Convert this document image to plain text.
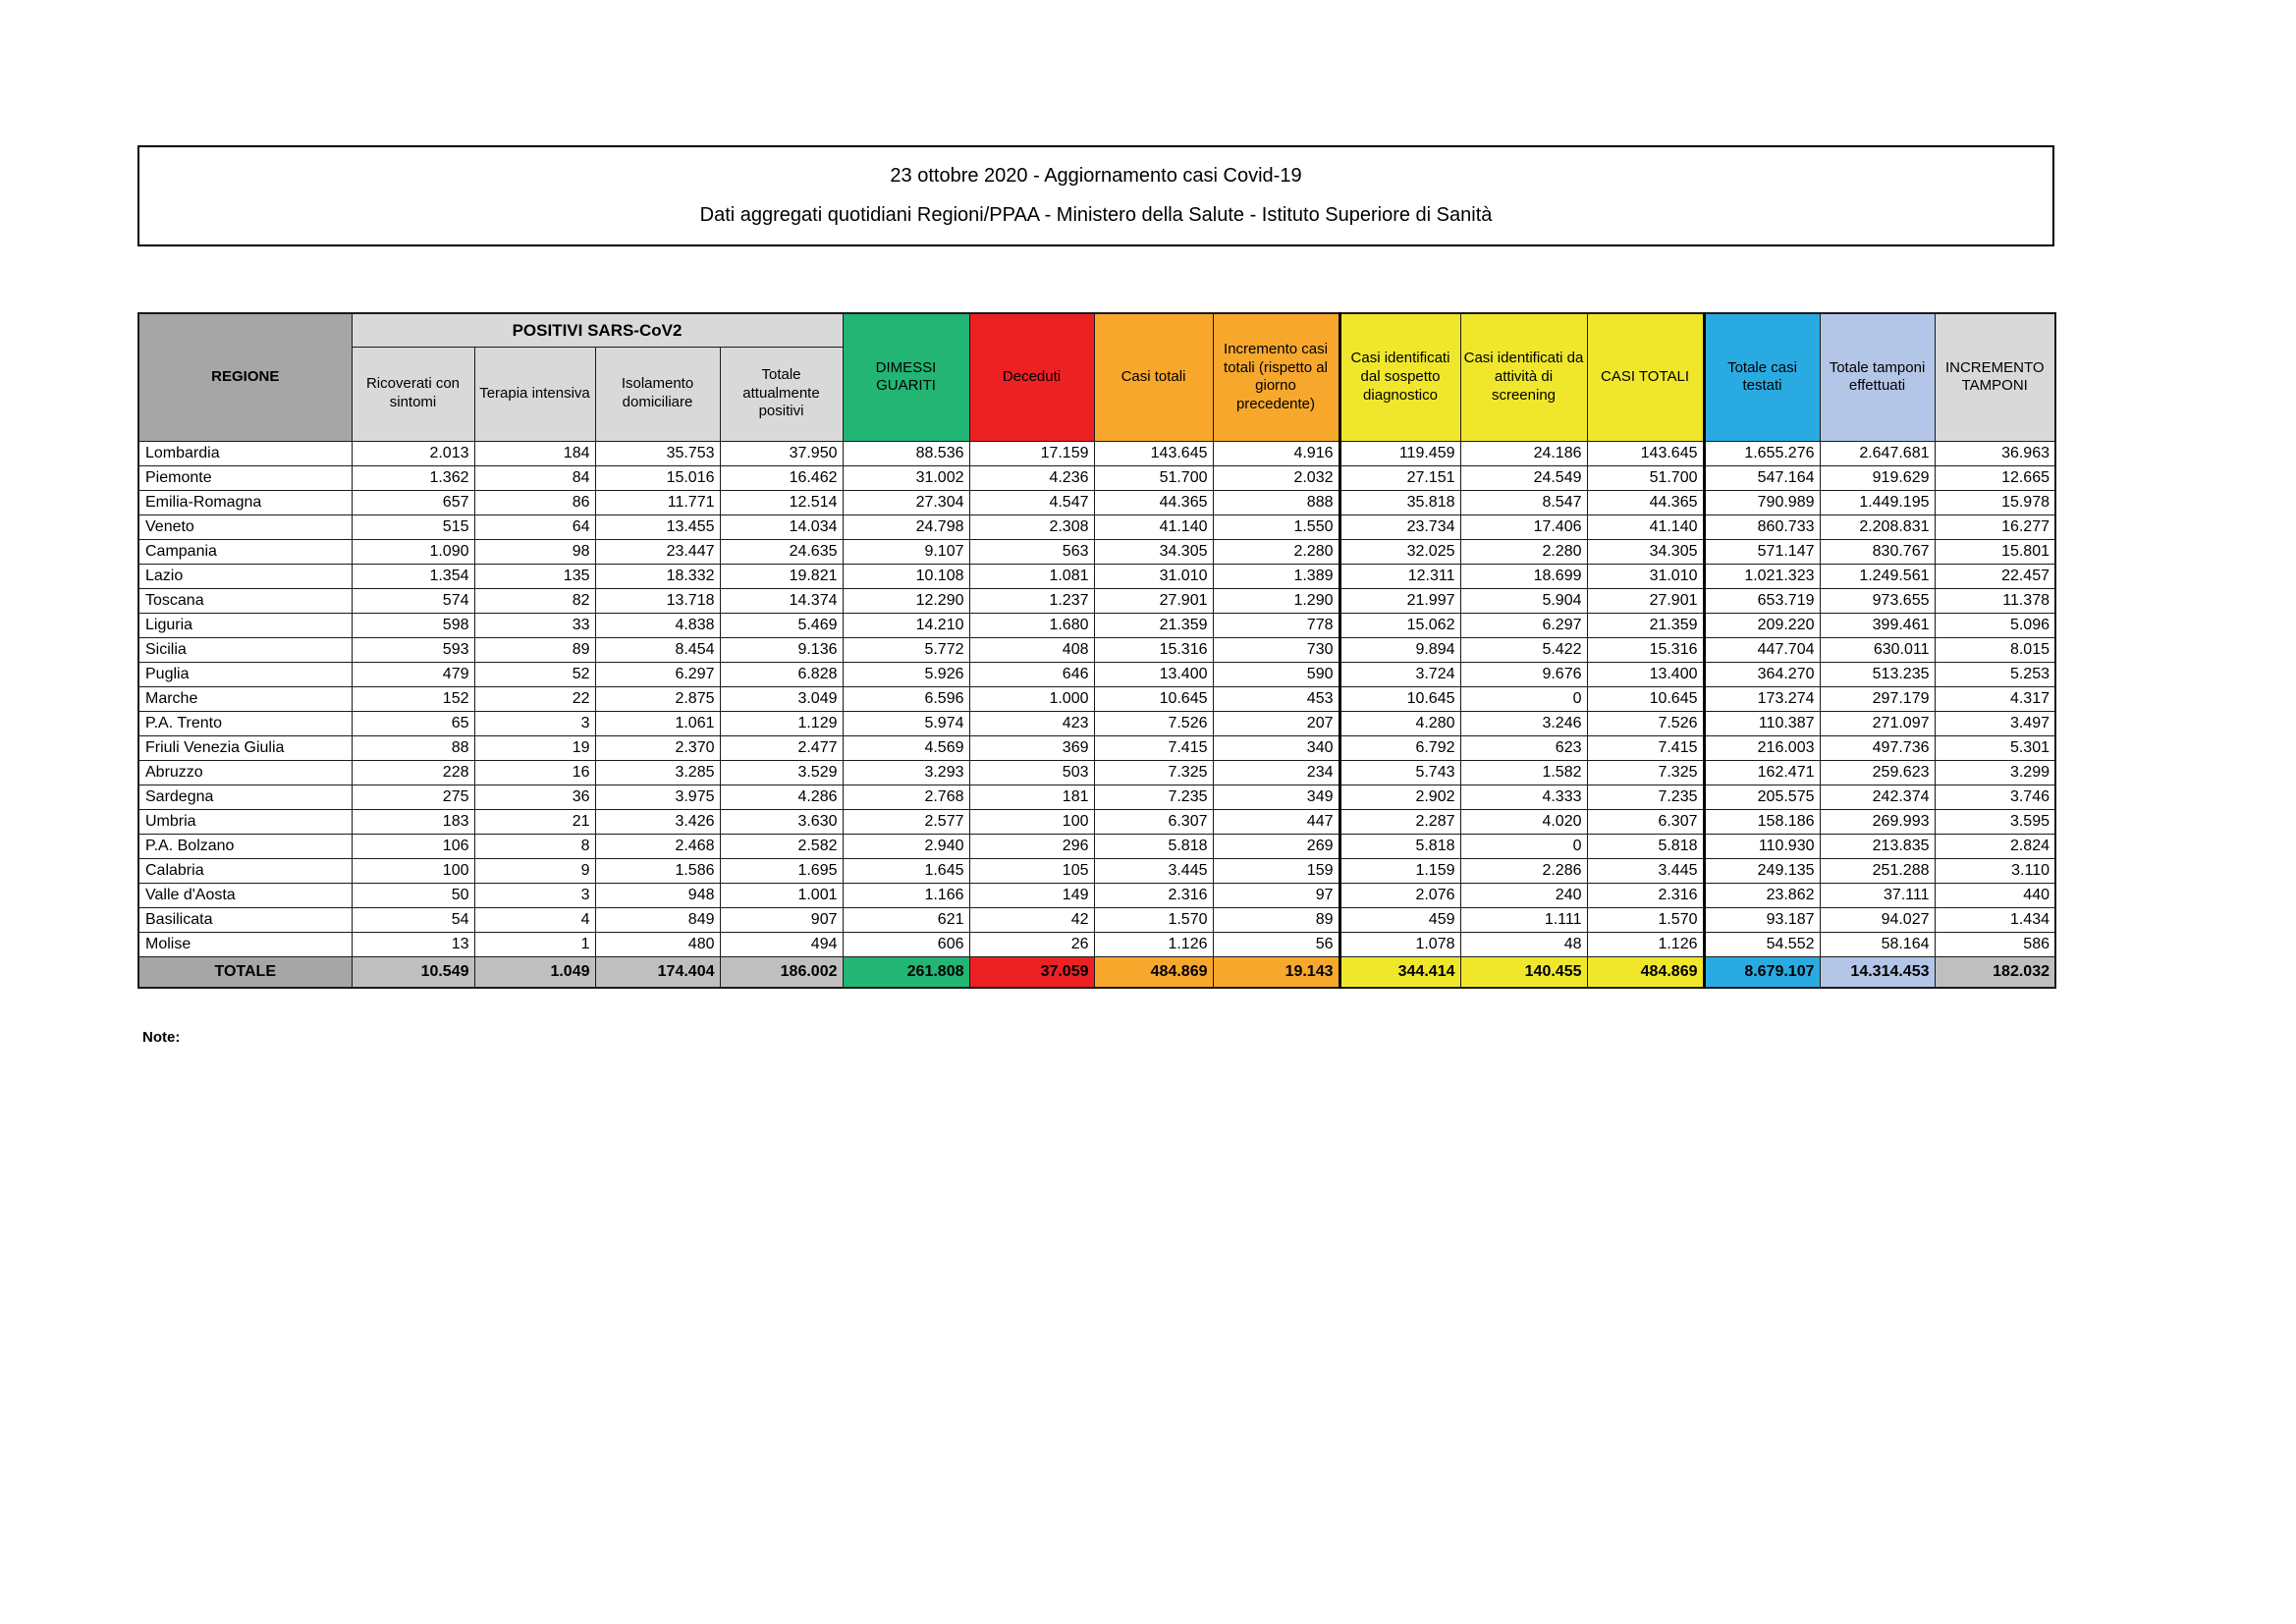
23 ottobre 2020 - Aggiornamento casi Covid-19
Dati aggregati quotidiani Regioni/PPAA - Ministero della Salute - Istituto Superiore di Sanità
REGIONE	POSITIVI SARS-CoV2				DIMESSI GUARITI	Deceduti	Casi totali	Incremento casi totali (rispetto al giorno precedente)	Casi identificati dal sospetto diagnostico	Casi identificati da attività di screening	CASI TOTALI	Totale casi testati	Totale tamponi effettuati	INCREMENTO TAMPONI
	Ricoverati con sintomi	Terapia intensiva	Isolamento domiciliare	Totale attualmente positivi										
Lombardia	2.013	184	35.753	37.950	88.536	17.159	143.645	4.916	119.459	24.186	143.645	1.655.276	2.647.681	36.963
Piemonte	1.362	84	15.016	16.462	31.002	4.236	51.700	2.032	27.151	24.549	51.700	547.164	919.629	12.665
Emilia-Romagna	657	86	11.771	12.514	27.304	4.547	44.365	888	35.818	8.547	44.365	790.989	1.449.195	15.978
Veneto	515	64	13.455	14.034	24.798	2.308	41.140	1.550	23.734	17.406	41.140	860.733	2.208.831	16.277
Campania	1.090	98	23.447	24.635	9.107	563	34.305	2.280	32.025	2.280	34.305	571.147	830.767	15.801
Lazio	1.354	135	18.332	19.821	10.108	1.081	31.010	1.389	12.311	18.699	31.010	1.021.323	1.249.561	22.457
Toscana	574	82	13.718	14.374	12.290	1.237	27.901	1.290	21.997	5.904	27.901	653.719	973.655	11.378
Liguria	598	33	4.838	5.469	14.210	1.680	21.359	778	15.062	6.297	21.359	209.220	399.461	5.096
Sicilia	593	89	8.454	9.136	5.772	408	15.316	730	9.894	5.422	15.316	447.704	630.011	8.015
Puglia	479	52	6.297	6.828	5.926	646	13.400	590	3.724	9.676	13.400	364.270	513.235	5.253
Marche	152	22	2.875	3.049	6.596	1.000	10.645	453	10.645	0	10.645	173.274	297.179	4.317
P.A. Trento	65	3	1.061	1.129	5.974	423	7.526	207	4.280	3.246	7.526	110.387	271.097	3.497
Friuli Venezia Giulia	88	19	2.370	2.477	4.569	369	7.415	340	6.792	623	7.415	216.003	497.736	5.301
Abruzzo	228	16	3.285	3.529	3.293	503	7.325	234	5.743	1.582	7.325	162.471	259.623	3.299
Sardegna	275	36	3.975	4.286	2.768	181	7.235	349	2.902	4.333	7.235	205.575	242.374	3.746
Umbria	183	21	3.426	3.630	2.577	100	6.307	447	2.287	4.020	6.307	158.186	269.993	3.595
P.A. Bolzano	106	8	2.468	2.582	2.940	296	5.818	269	5.818	0	5.818	110.930	213.835	2.824
Calabria	100	9	1.586	1.695	1.645	105	3.445	159	1.159	2.286	3.445	249.135	251.288	3.110
Valle d'Aosta	50	3	948	1.001	1.166	149	2.316	97	2.076	240	2.316	23.862	37.111	440
Basilicata	54	4	849	907	621	42	1.570	89	459	1.111	1.570	93.187	94.027	1.434
Molise	13	1	480	494	606	26	1.126	56	1.078	48	1.126	54.552	58.164	586
TOTALE	10.549	1.049	174.404	186.002	261.808	37.059	484.869	19.143	344.414	140.455	484.869	8.679.107	14.314.453	182.032
Note:
